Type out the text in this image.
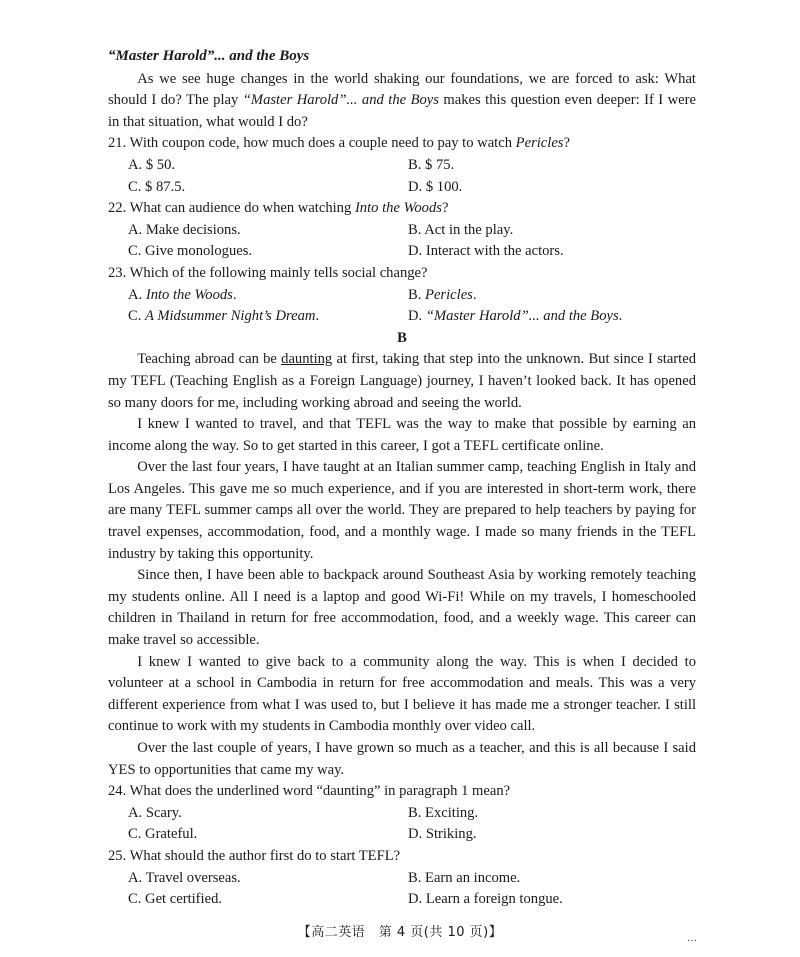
“Master Harold”... and the Boys

As we see huge changes in the world shaking our foundations, we are forced to ask: What should I do? The play “Master Harold”... and the Boys makes this question even deeper: If I were in that situation, what would I do?

21. With coupon code, how much does a couple need to pay to watch Pericles?

A. $ 50.	B. $ 75.

C. $ 87.5.	D. $ 100.

22. What can audience do when watching Into the Woods?

A. Make decisions.	B. Act in the play.

C. Give monologues.	D. Interact with the actors.

23. Which of the following mainly tells social change?

A. Into the Woods.	B. Pericles.

C. A Midsummer Night’s Dream.	D. “Master Harold”... and the Boys.

B

Teaching abroad can be daunting at first, taking that step into the unknown. But since I started my TEFL (Teaching English as a Foreign Language) journey, I haven’t looked back. It has opened so many doors for me, including working abroad and seeing the world.

I knew I wanted to travel, and that TEFL was the way to make that possible by earning an income along the way. So to get started in this career, I got a TEFL certificate online.

Over the last four years, I have taught at an Italian summer camp, teaching English in Italy and Los Angeles. This gave me so much experience, and if you are interested in short-term work, there are many TEFL summer camps all over the world. They are prepared to help teachers by paying for travel expenses, accommodation, food, and a monthly wage. I made so many friends in the TEFL industry by taking this opportunity.

Since then, I have been able to backpack around Southeast Asia by working remotely teaching my students online. All I need is a laptop and good Wi-Fi! While on my travels, I homeschooled children in Thailand in return for free accommodation, food, and a weekly wage. This career can make travel so accessible.

I knew I wanted to give back to a community along the way. This is when I decided to volunteer at a school in Cambodia in return for free accommodation and meals. This was a very different experience from what I was used to, but I believe it has made me a stronger teacher. I still continue to work with my students in Cambodia monthly over video call.

Over the last couple of years, I have grown so much as a teacher, and this is all because I said YES to opportunities that came my way.

24. What does the underlined word “daunting” in paragraph 1 mean?

A. Scary.	B. Exciting.

C. Grateful.	D. Striking.

25. What should the author first do to start TEFL?

A. Travel overseas.	B. Earn an income.

C. Get certified.	D. Learn a foreign tongue.

【高二英语　第 4 页(共 10 页)】	…
